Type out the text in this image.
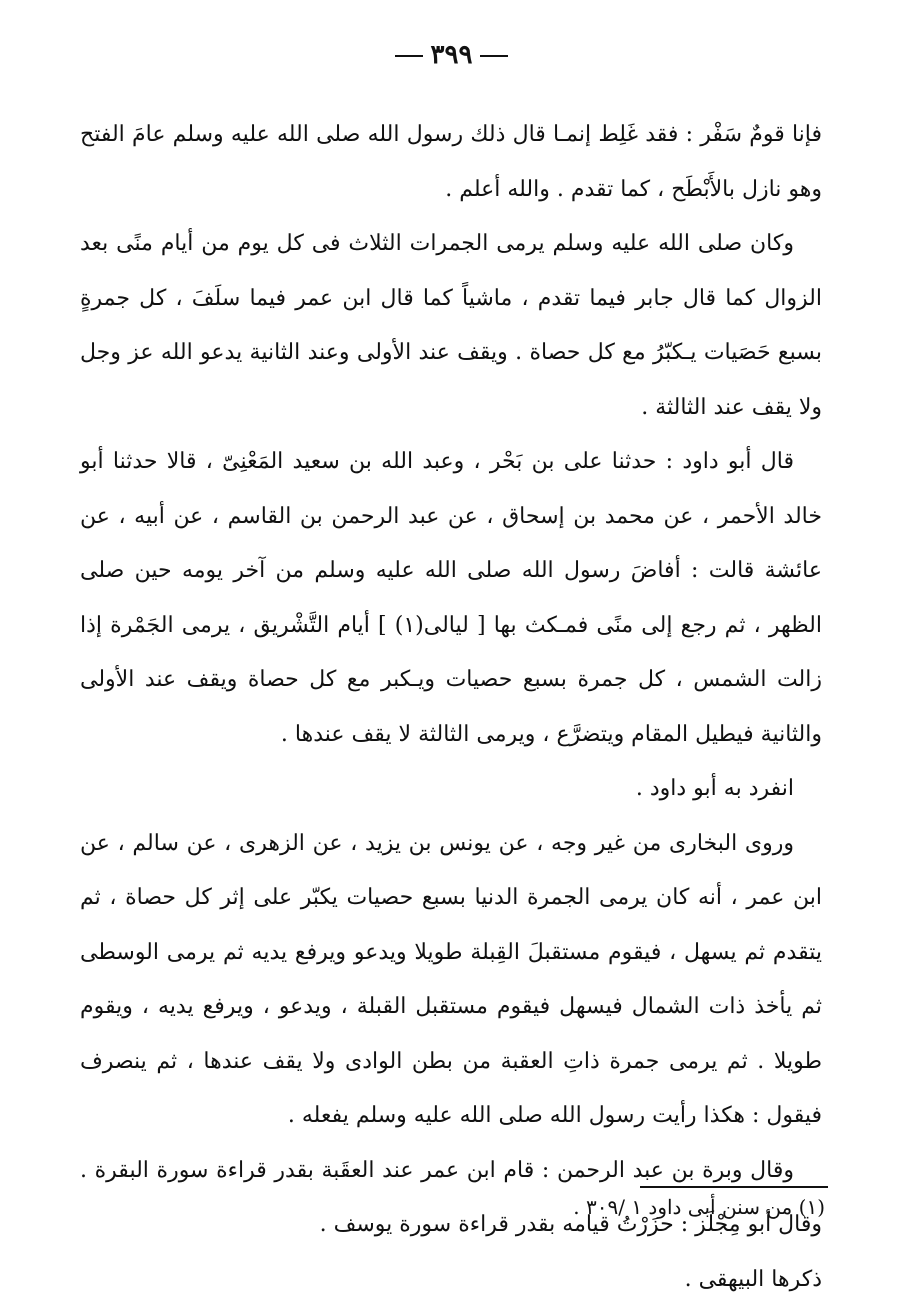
٣٩٩

فإنا قومٌ سَفْر : فقد غَلِط إنمـا قال ذلك رسول الله صلى الله عليه وسلم عامَ الفتح وهو نازل بالأَبْطَح ، كما تقدم . والله أعلم .

وكان صلى الله عليه وسلم يرمى الجمرات الثلاث فى كل يوم من أيام منًى بعد الزوال كما قال جابر فيما تقدم ، ماشياً كما قال ابن عمر فيما سلَفَ ، كل جمرةٍ بسبع حَصَيات يـكبّرُ مع كل حصاة . ويقف عند الأولى وعند الثانية يدعو الله عز وجل ولا يقف عند الثالثة .

قال أبو داود : حدثنا على بن بَحْر ، وعبد الله بن سعيد المَعْنِىّ ، قالا حدثنا أبو خالد الأحمر ، عن محمد بن إسحاق ، عن عبد الرحمن بن القاسم ، عن أبيه ، عن عائشة قالت : أفاضَ رسول الله صلى الله عليه وسلم من آخر يومه حين صلى الظهر ، ثم رجع إلى منًى فمـكث بها [ ليالى(١) ] أيام التَّشْريق ، يرمى الجَمْرة إذا زالت الشمس ، كل جمرة بسبع حصيات ويـكبر مع كل حصاة ويقف عند الأولى والثانية فيطيل المقام ويتضرَّع ، ويرمى الثالثة لا يقف عندها .

انفرد به أبو داود .

وروى البخارى من غير وجه ، عن يونس بن يزيد ، عن الزهرى ، عن سالم ، عن ابن عمر ، أنه كان يرمى الجمرة الدنيا بسبع حصيات يكبّر على إثر كل حصاة ، ثم يتقدم ثم يسهل ، فيقوم مستقبلَ القِبلة طويلا ويدعو ويرفع يديه ثم يرمى الوسطى ثم يأخذ ذات الشمال فيسهل فيقوم مستقبل القبلة ، ويدعو ، ويرفع يديه ، ويقوم طويلا . ثم يرمى جمرة ذاتِ العقبة من بطن الوادى ولا يقف عندها ، ثم ينصرف فيقول : هكذا رأيت رسول الله صلى الله عليه وسلم يفعله .

وقال وبرة بن عبد الرحمن : قام ابن عمر عند العقَبة بقدر قراءة سورة البقرة . وقال أبو مِجْلَز : حزَرْتُ قيامه بقدر قراءة سورة يوسف .

ذكرها البيهقى .

(١) من سنن أبى داود ١ /٣٠٩ .
